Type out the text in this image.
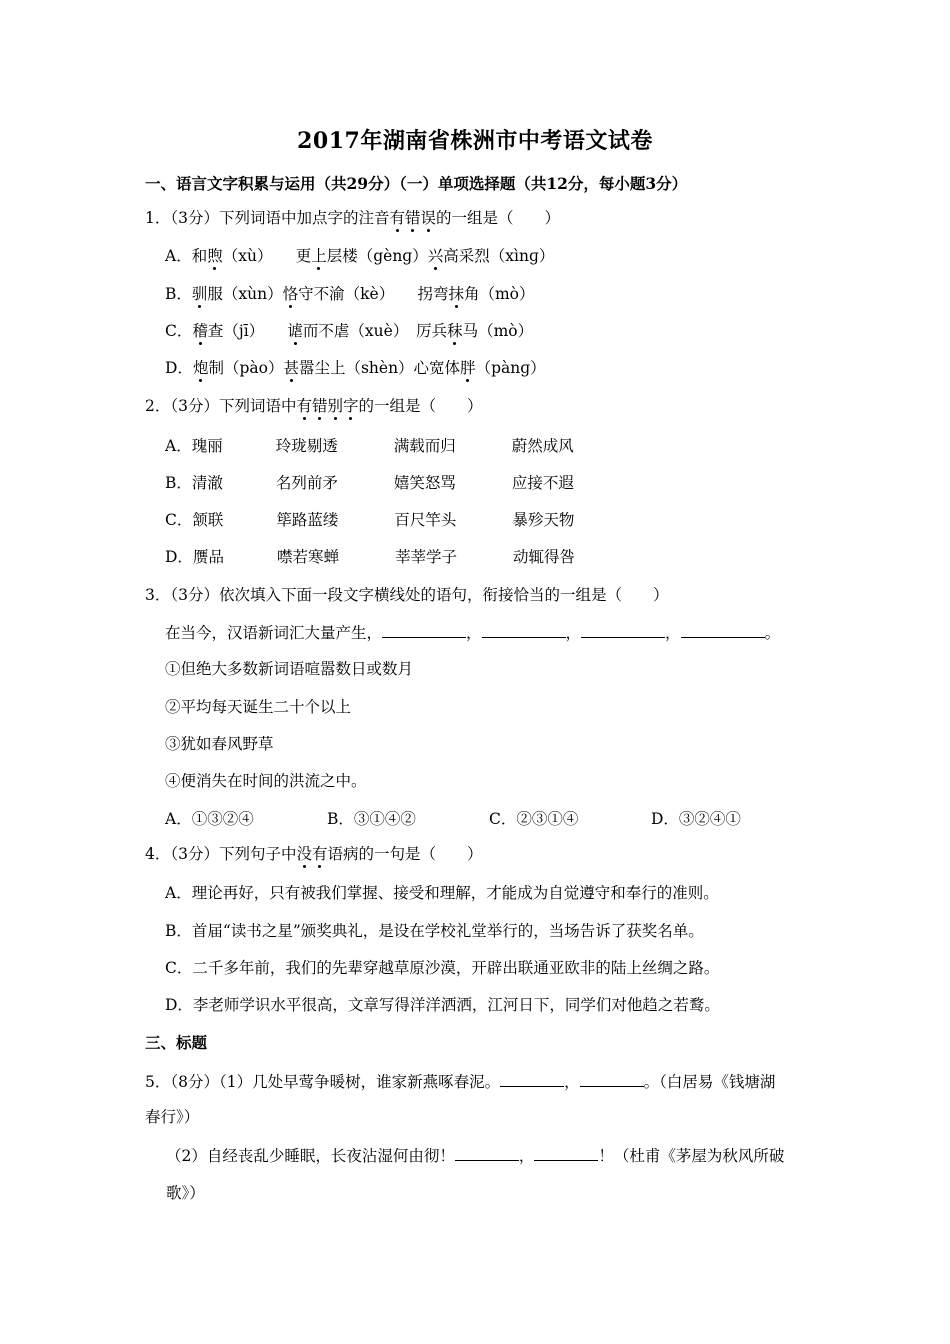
2017年湖南省株洲市中考语文试卷
一、语言文字积累与运用（共29分）（一）单项选择题（共12分，每小题3分）
1．（3分）下列词语中加点字的注音有错误的一组是（　　）
A．和煦（xù）　　更上层楼（gènɡ）兴高采烈（xìnɡ）
B．驯服（xùn）恪守不渝（kè）　　拐弯抹角（mò）
C．稽查（jī）　　谑而不虐（xuè）　厉兵秣马（mò）
D．炮制（pào）甚嚣尘上（shèn）心宽体胖（pànɡ）
2．（3分）下列词语中有错别字的一组是（　　）
A．瑰丽	玲珑剔透	满载而归	蔚然成风
B．清澈	名列前矛	嬉笑怒骂	应接不遐
C．颔联	筚路蓝缕	百尺竿头	暴殄天物
D．赝品	噤若寒蝉	莘莘学子	动辄得咎
3．（3分）依次填入下面一段文字横线处的语句，衔接恰当的一组是（　　）
在当今，汉语新词汇大量产生，	，	，	，	。
①但绝大多数新词语喧嚣数日或数月
②平均每天诞生二十个以上
③犹如春风野草
④便消失在时间的洪流之中。
A．①③②④	B．③①④②	C．②③①④	D．③②④①
4．（3分）下列句子中没有语病的一句是（　　）
A．理论再好，只有被我们掌握、接受和理解，才能成为自觉遵守和奉行的准则。
B．首届“读书之星”颁奖典礼，是设在学校礼堂举行的，当场告诉了获奖名单。
C．二千多年前，我们的先辈穿越草原沙漠，开辟出联通亚欧非的陆上丝绸之路。
D．李老师学识水平很高，文章写得洋洋洒洒，江河日下，同学们对他趋之若鹜。
三、标题
5．（8分）（1）几处早莺争暖树，谁家新燕啄春泥。	，	。（白居易《钱塘湖
春行》）
（2）自经丧乱少睡眠，长夜沾湿何由彻！	，	！（杜甫《茅屋为秋风所破
歌》）
